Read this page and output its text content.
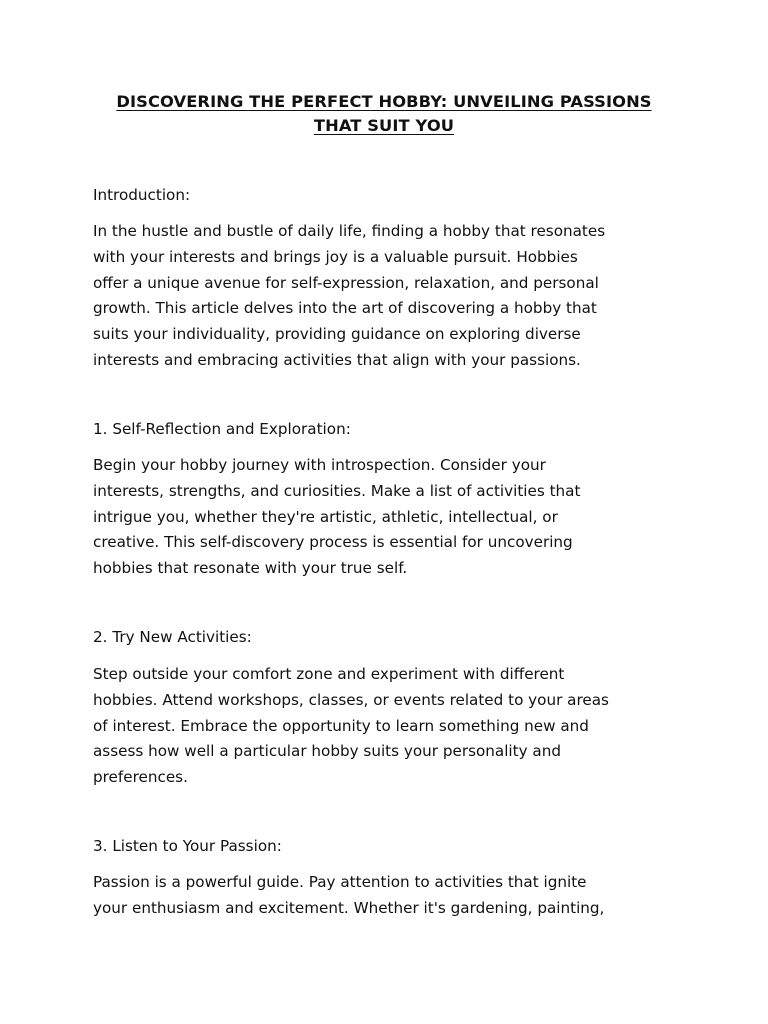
DISCOVERING THE PERFECT HOBBY: UNVEILING PASSIONS
THAT SUIT YOU
Introduction:
In the hustle and bustle of daily life, finding a hobby that resonates
with your interests and brings joy is a valuable pursuit. Hobbies
offer a unique avenue for self-expression, relaxation, and personal
growth. This article delves into the art of discovering a hobby that
suits your individuality, providing guidance on exploring diverse
interests and embracing activities that align with your passions.
1. Self-Reflection and Exploration:
Begin your hobby journey with introspection. Consider your
interests, strengths, and curiosities. Make a list of activities that
intrigue you, whether they're artistic, athletic, intellectual, or
creative. This self-discovery process is essential for uncovering
hobbies that resonate with your true self.
2. Try New Activities:
Step outside your comfort zone and experiment with different
hobbies. Attend workshops, classes, or events related to your areas
of interest. Embrace the opportunity to learn something new and
assess how well a particular hobby suits your personality and
preferences.
3. Listen to Your Passion:
Passion is a powerful guide. Pay attention to activities that ignite
your enthusiasm and excitement. Whether it's gardening, painting,
